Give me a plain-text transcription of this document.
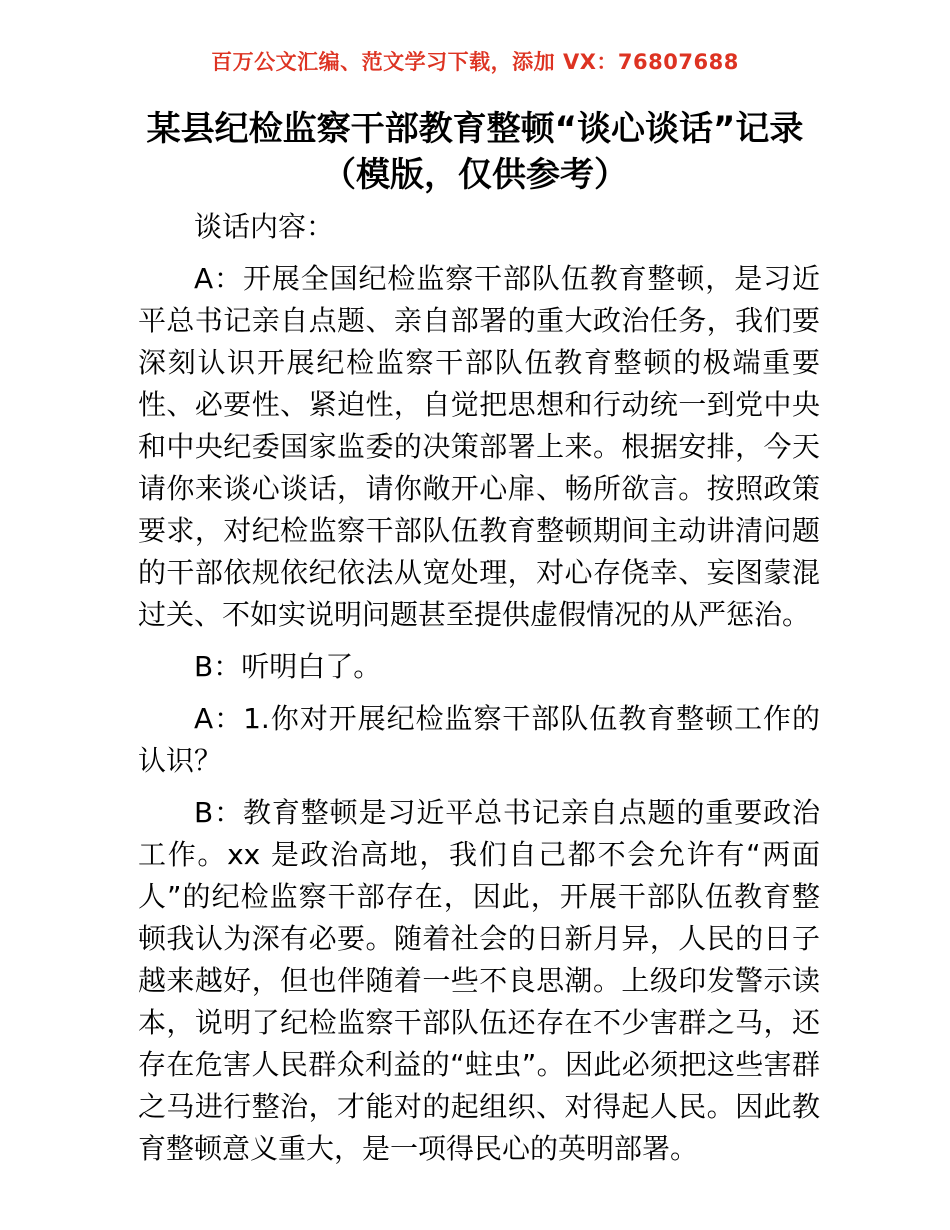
百万公文汇编、范文学习下载，添加 VX：76807688
某县纪检监察干部教育整顿“谈心谈话”记录
（模版，仅供参考）

谈话内容：

A：开展全国纪检监察干部队伍教育整顿，是习近平总书记亲自点题、亲自部署的重大政治任务，我们要深刻认识开展纪检监察干部队伍教育整顿的极端重要性、必要性、紧迫性，自觉把思想和行动统一到党中央和中央纪委国家监委的决策部署上来。根据安排，今天请你来谈心谈话，请你敞开心扉、畅所欲言。按照政策要求，对纪检监察干部队伍教育整顿期间主动讲清问题的干部依规依纪依法从宽处理，对心存侥幸、妄图蒙混过关、不如实说明问题甚至提供虚假情况的从严惩治。

B：听明白了。

A：1.你对开展纪检监察干部队伍教育整顿工作的认识？

B：教育整顿是习近平总书记亲自点题的重要政治工作。xx 是政治高地，我们自己都不会允许有“两面人”的纪检监察干部存在，因此，开展干部队伍教育整顿我认为深有必要。随着社会的日新月异，人民的日子越来越好，但也伴随着一些不良思潮。上级印发警示读本，说明了纪检监察干部队伍还存在不少害群之马，还存在危害人民群众利益的“蛀虫”。因此必须把这些害群之马进行整治，才能对的起组织、对得起人民。因此教育整顿意义重大，是一项得民心的英明部署。
